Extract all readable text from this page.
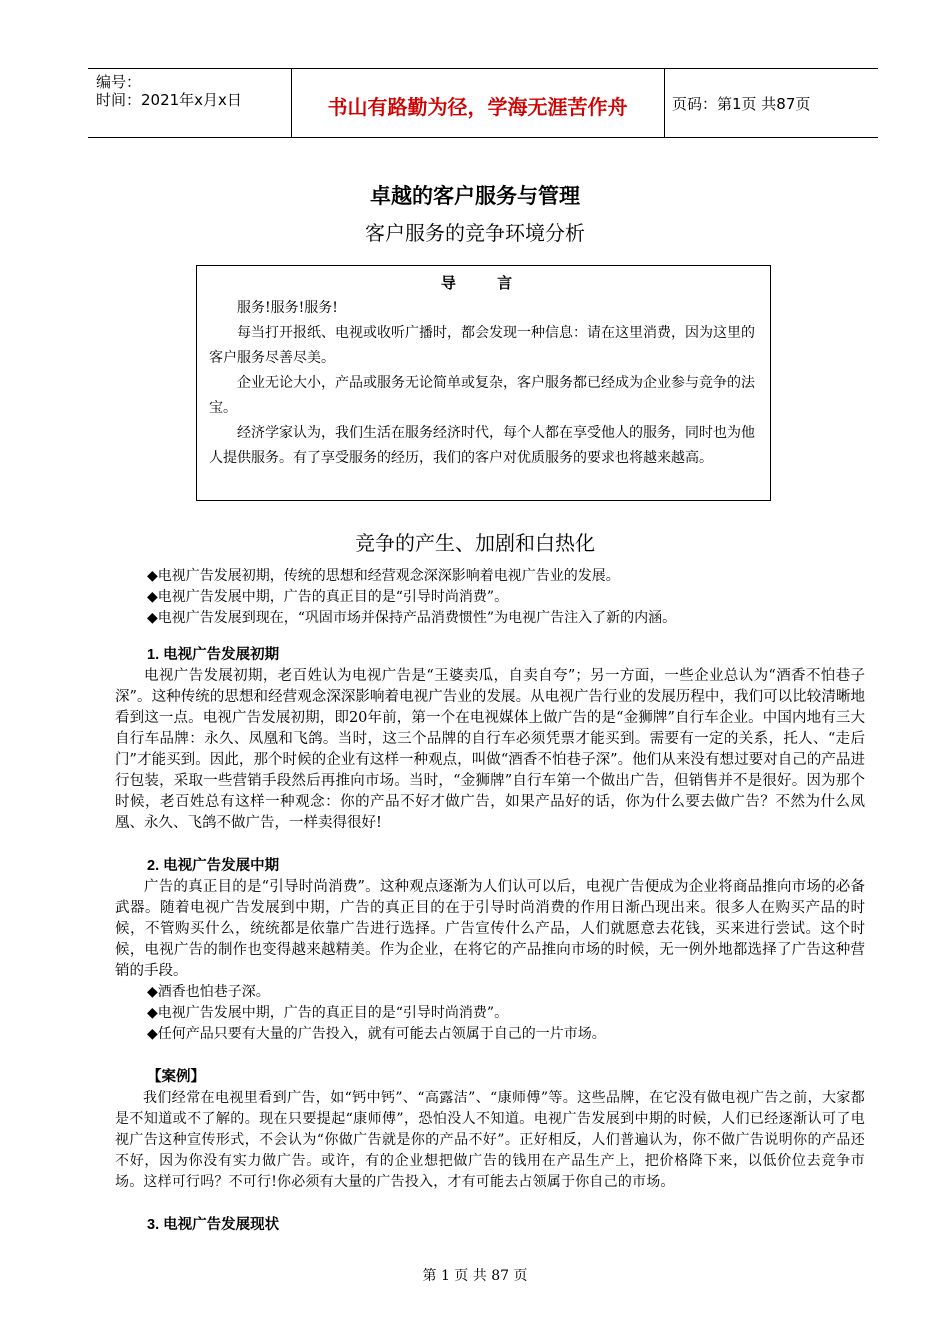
编号：
时间：2021年x月x日	书山有路勤为径，学海无涯苦作舟	页码：第1页 共87页
卓越的客户服务与管理
客户服务的竞争环境分析
导 言

服务!服务!服务!

每当打开报纸、电视或收听广播时，都会发现一种信息：请在这里消费，因为这里的客户服务尽善尽美。

企业无论大小，产品或服务无论简单或复杂，客户服务都已经成为企业参与竞争的法宝。

经济学家认为，我们生活在服务经济时代，每个人都在享受他人的服务，同时也为他人提供服务。有了享受服务的经历，我们的客户对优质服务的要求也将越来越高。

竞争的产生、加剧和白热化

◆电视广告发展初期，传统的思想和经营观念深深影响着电视广告业的发展。

◆电视广告发展中期，广告的真正目的是“引导时尚消费”。

◆电视广告发展到现在，“巩固市场并保持产品消费惯性”为电视广告注入了新的内涵。

1. 电视广告发展初期

电视广告发展初期，老百姓认为电视广告是“王婆卖瓜，自卖自夸”；另一方面，一些企业总认为“酒香不怕巷子深”。这种传统的思想和经营观念深深影响着电视广告业的发展。从电视广告行业的发展历程中，我们可以比较清晰地看到这一点。电视广告发展初期，即20年前，第一个在电视媒体上做广告的是“金狮牌”自行车企业。中国内地有三大自行车品牌：永久、凤凰和飞鸽。当时，这三个品牌的自行车必须凭票才能买到。需要有一定的关系，托人、“走后门”才能买到。因此，那个时候的企业有这样一种观点，叫做“酒香不怕巷子深”。他们从来没有想过要对自己的产品进行包装，采取一些营销手段然后再推向市场。当时，“金狮牌”自行车第一个做出广告，但销售并不是很好。因为那个时候，老百姓总有这样一种观念：你的产品不好才做广告，如果产品好的话，你为什么要去做广告？不然为什么凤凰、永久、飞鸽不做广告，一样卖得很好!

2. 电视广告发展中期

广告的真正目的是“引导时尚消费”。这种观点逐渐为人们认可以后，电视广告便成为企业将商品推向市场的必备武器。随着电视广告发展到中期，广告的真正目的在于引导时尚消费的作用日渐凸现出来。很多人在购买产品的时候，不管购买什么，统统都是依靠广告进行选择。广告宣传什么产品，人们就愿意去花钱，买来进行尝试。这个时候，电视广告的制作也变得越来越精美。作为企业，在将它的产品推向市场的时候，无一例外地都选择了广告这种营销的手段。

◆酒香也怕巷子深。

◆电视广告发展中期，广告的真正目的是“引导时尚消费”。

◆任何产品只要有大量的广告投入，就有可能去占领属于自己的一片市场。

【案例】

我们经常在电视里看到广告，如“钙中钙”、“高露洁”、“康师傅”等。这些品牌，在它没有做电视广告之前，大家都是不知道或不了解的。现在只要提起“康师傅”，恐怕没人不知道。电视广告发展到中期的时候，人们已经逐渐认可了电视广告这种宣传形式，不会认为“你做广告就是你的产品不好”。正好相反，人们普遍认为，你不做广告说明你的产品还不好，因为你没有实力做广告。或许，有的企业想把做广告的钱用在产品生产上，把价格降下来，以低价位去竞争市场。这样可行吗？不可行!你必须有大量的广告投入，才有可能去占领属于你自己的市场。

3. 电视广告发展现状

第 1 页 共 87 页
